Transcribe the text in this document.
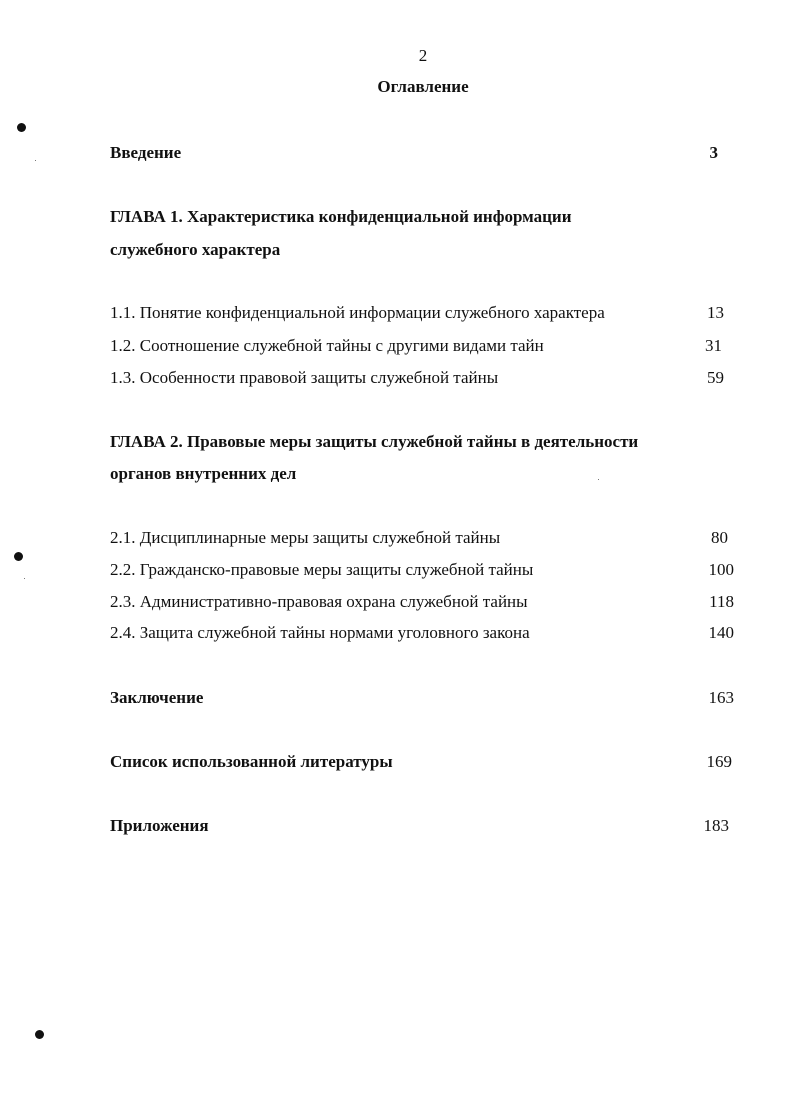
2
Оглавление
Введение	3
ГЛАВА 1. Характеристика конфиденциальной информации
служебного характера
1.1. Понятие конфиденциальной информации служебного характера	13
1.2. Соотношение служебной тайны с другими видами тайн	31
1.3. Особенности правовой защиты служебной тайны	59
ГЛАВА 2. Правовые меры защиты служебной тайны в деятельности
органов внутренних дел
2.1. Дисциплинарные меры защиты служебной тайны	80
2.2. Гражданско-правовые меры защиты служебной тайны	100
2.3. Административно-правовая охрана служебной тайны	118
2.4. Защита служебной тайны нормами уголовного закона	140
Заключение	163
Список использованной литературы	169
Приложения	183
